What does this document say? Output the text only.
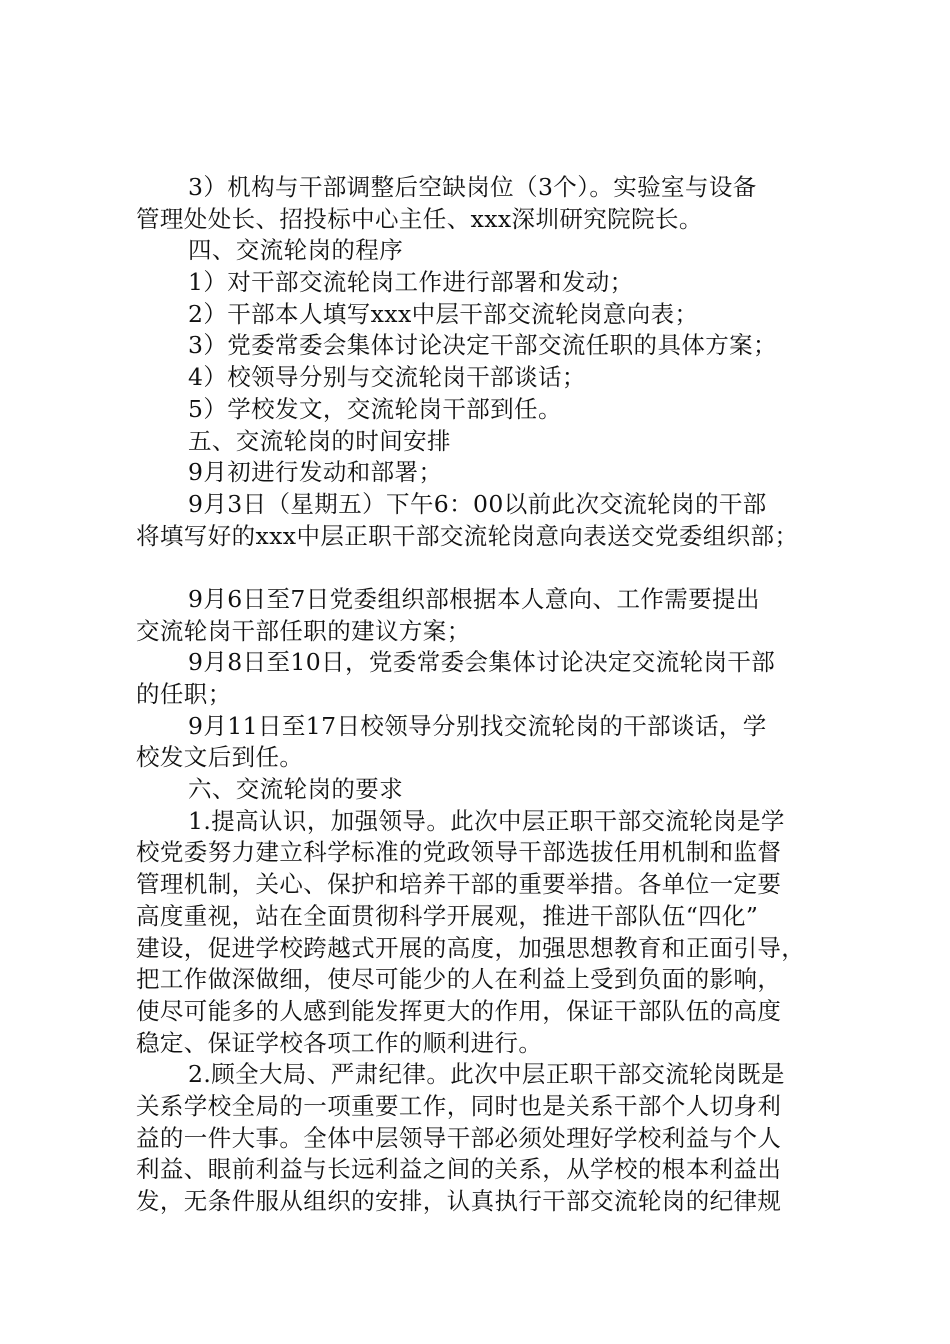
3）机构与干部调整后空缺岗位（3个）。实验室与设备
管理处处长、招投标中心主任、xxx深圳研究院院长。
四、交流轮岗的程序
1）对干部交流轮岗工作进行部署和发动；
2）干部本人填写xxx中层干部交流轮岗意向表；
3）党委常委会集体讨论决定干部交流任职的具体方案；
4）校领导分别与交流轮岗干部谈话；
5）学校发文，交流轮岗干部到任。
五、交流轮岗的时间安排
9月初进行发动和部署；
9月3日（星期五）下午6：00以前此次交流轮岗的干部
将填写好的xxx中层正职干部交流轮岗意向表送交党委组织部；
9月6日至7日党委组织部根据本人意向、工作需要提出
交流轮岗干部任职的建议方案；
9月8日至10日，党委常委会集体讨论决定交流轮岗干部
的任职；
9月11日至17日校领导分别找交流轮岗的干部谈话，学
校发文后到任。
六、交流轮岗的要求
1.提高认识，加强领导。此次中层正职干部交流轮岗是学
校党委努力建立科学标准的党政领导干部选拔任用机制和监督
管理机制，关心、保护和培养干部的重要举措。各单位一定要
高度重视，站在全面贯彻科学开展观，推进干部队伍“四化”
建设，促进学校跨越式开展的高度，加强思想教育和正面引导，
把工作做深做细，使尽可能少的人在利益上受到负面的影响，
使尽可能多的人感到能发挥更大的作用，保证干部队伍的高度
稳定、保证学校各项工作的顺利进行。
2.顾全大局、严肃纪律。此次中层正职干部交流轮岗既是
关系学校全局的一项重要工作，同时也是关系干部个人切身利
益的一件大事。全体中层领导干部必须处理好学校利益与个人
利益、眼前利益与长远利益之间的关系，从学校的根本利益出
发，无条件服从组织的安排，认真执行干部交流轮岗的纪律规
